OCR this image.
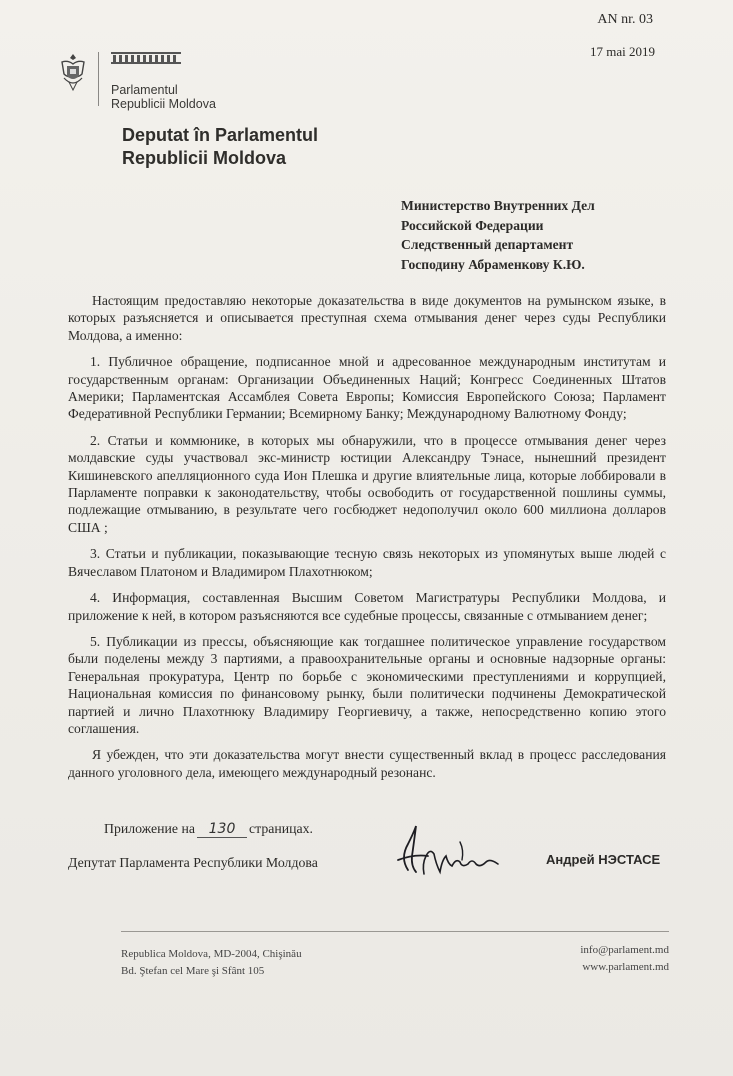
AN nr. 03
17 mai 2019
Parlamentul
Republicii Moldova
Deputat în Parlamentul
Republicii Moldova
Министерство Внутренних Дел
Российской Федерации
Следственный департамент
Господину Абраменкову К.Ю.

Настоящим предоставляю некоторые доказательства в виде документов на румынском языке, в которых разъясняется и описывается преступная схема отмывания денег через суды Республики Молдова, а именно:

1. Публичное обращение, подписанное мной и адресованное международным институтам и государственным органам: Организации Объединенных Наций; Конгресс Соединенных Штатов Америки; Парламентская Ассамблея Совета Европы; Комиссия Европейского Союза; Парламент Федеративной Республики Германии; Всемирному Банку; Международному Валютному Фонду;

2. Статьи и коммюнике, в которых мы обнаружили, что в процессе отмывания денег через молдавские суды участвовал экс-министр юстиции Александру Тэнасе, нынешний президент Кишиневского апелляционного суда Ион Плешка и другие влиятельные лица, которые лоббировали в Парламенте поправки к законодательству, чтобы освободить от государственной пошлины суммы, подлежащие отмыванию, в результате чего госбюджет недополучил около 600 миллиона долларов США ;

3. Статьи и публикации, показывающие тесную связь некоторых из упомянутых выше людей с Вячеславом Платоном и Владимиром Плахотнюком;

4. Информация, составленная Высшим Советом Магистратуры Республики Молдова, и приложение к ней, в котором разъясняются все судебные процессы, связанные с отмыванием денег;

5. Публикации из прессы, объясняющие как тогдашнее политическое управление государством были поделены между 3 партиями, а правоохранительные органы и основные надзорные органы: Генеральная прокуратура, Центр по борьбе с экономическими преступлениями и коррупцией, Национальная комиссия по финансовому рынку, были политически подчинены Демократической партией и лично Плахотнюку Владимиру Георгиевичу, а также, непосредственно копию этого соглашения.

Я убежден, что эти доказательства могут внести существенный вклад в процесс расследования данного уголовного дела, имеющего международный резонанс.

Приложение на 130 страницах.
Депутат Парламента Республики Молдова	Андрей НЭСТАСЕ
Republica Moldova, MD-2004, Chişinău
Bd. Ştefan cel Mare şi Sfânt 105
info@parlament.md
www.parlament.md
